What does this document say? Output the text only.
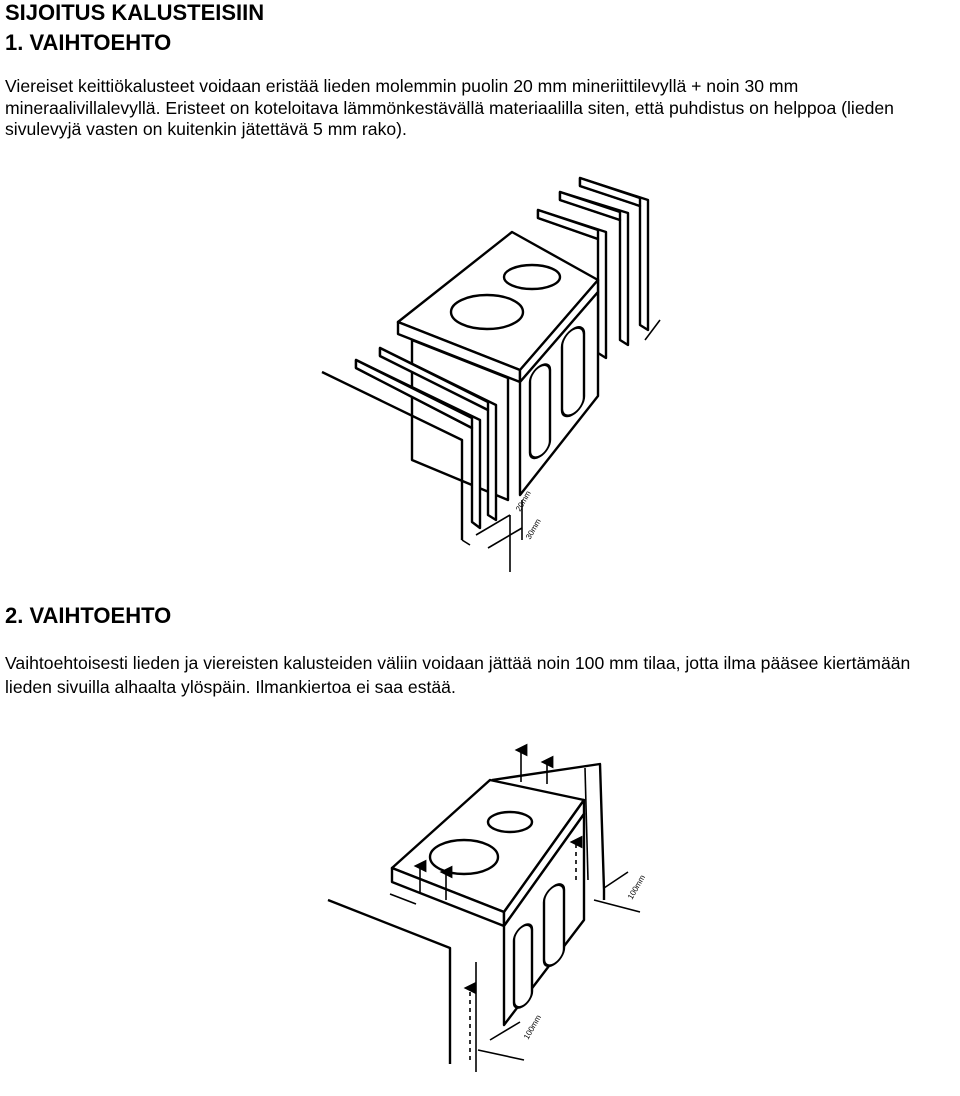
SIJOITUS KALUSTEISIIN
1. VAIHTOEHTO

Viereiset keittiökalusteet voidaan eristää lieden molemmin puolin 20 mm mineriittilevyllä + noin 30 mm mineraalivillalevyllä. Eristeet on koteloitava lämmönkestävällä materiaalilla siten, että puhdistus on helppoa (lieden sivulevyjä vasten on kuitenkin jätettävä 5 mm rako).

20mm
30mm
2. VAIHTOEHTO

Vaihtoehtoisesti lieden ja viereisten kalusteiden väliin voidaan jättää noin 100 mm tilaa, jotta ilma pääsee kiertämään lieden sivuilla alhaalta ylöspäin. Ilmankiertoa ei saa estää.

100mm
100mm
